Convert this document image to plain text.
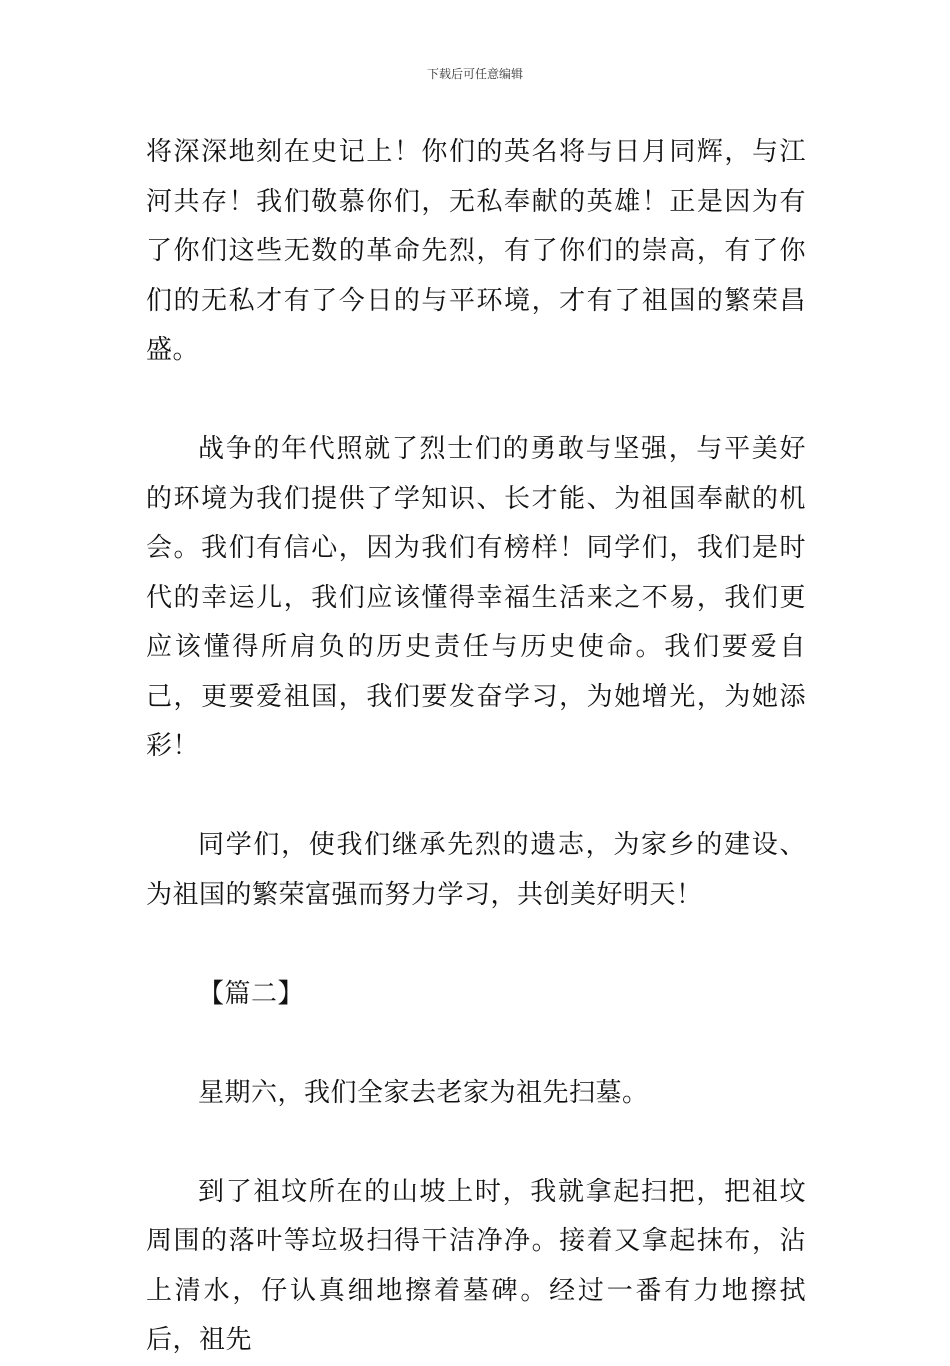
下载后可任意编辑

将深深地刻在史记上！你们的英名将与日月同辉，与江河共存！我们敬慕你们，无私奉献的英雄！正是因为有了你们这些无数的革命先烈，有了你们的崇高，有了你们的无私才有了今日的与平环境，才有了祖国的繁荣昌盛。

战争的年代照就了烈士们的勇敢与坚强，与平美好的环境为我们提供了学知识、长才能、为祖国奉献的机会。我们有信心，因为我们有榜样！同学们，我们是时代的幸运儿，我们应该懂得幸福生活来之不易，我们更应该懂得所肩负的历史责任与历史使命。我们要爱自己，更要爱祖国，我们要发奋学习，为她增光，为她添彩！

同学们，使我们继承先烈的遗志，为家乡的建设、为祖国的繁荣富强而努力学习，共创美好明天！

【篇二】

星期六，我们全家去老家为祖先扫墓。

到了祖坟所在的山坡上时，我就拿起扫把，把祖坟周围的落叶等垃圾扫得干洁净净。接着又拿起抹布，沾上清水，仔认真细地擦着墓碑。经过一番有力地擦拭后，祖先
